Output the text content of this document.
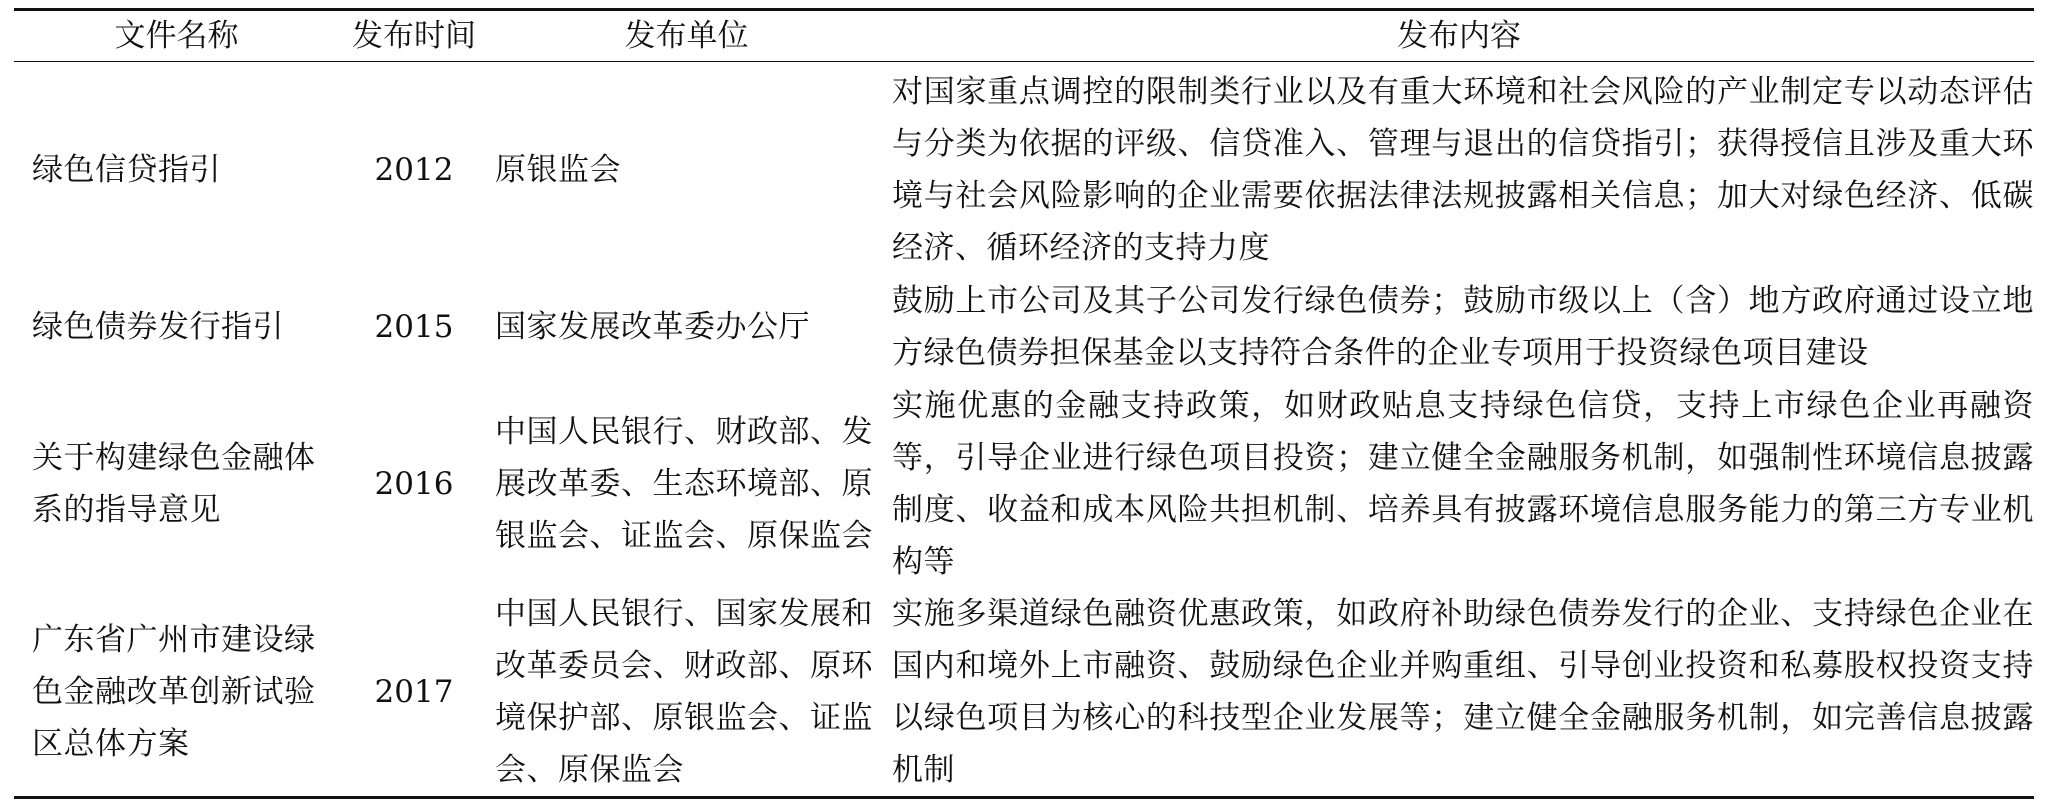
文件名称	发布时间	发布单位	发布内容
绿色信贷指引	2012	原银监会	对国家重点调控的限制类行业以及有重大环境和社会风险的产业制定专以动态评估与分类为依据的评级、信贷准入、管理与退出的信贷指引；获得授信且涉及重大环境与社会风险影响的企业需要依据法律法规披露相关信息；加大对绿色经济、低碳经济、循环经济的支持力度
绿色债券发行指引	2015	国家发展改革委办公厅	鼓励上市公司及其子公司发行绿色债券；鼓励市级以上（含）地方政府通过设立地方绿色债券担保基金以支持符合条件的企业专项用于投资绿色项目建设
关于构建绿色金融体系的指导意见	2016	中国人民银行、财政部、发展改革委、生态环境部、原银监会、证监会、原保监会	实施优惠的金融支持政策，如财政贴息支持绿色信贷，支持上市绿色企业再融资等，引导企业进行绿色项目投资；建立健全金融服务机制，如强制性环境信息披露制度、收益和成本风险共担机制、培养具有披露环境信息服务能力的第三方专业机构等
广东省广州市建设绿色金融改革创新试验区总体方案	2017	中国人民银行、国家发展和改革委员会、财政部、原环境保护部、原银监会、证监会、原保监会	实施多渠道绿色融资优惠政策，如政府补助绿色债券发行的企业、支持绿色企业在国内和境外上市融资、鼓励绿色企业并购重组、引导创业投资和私募股权投资支持以绿色项目为核心的科技型企业发展等；建立健全金融服务机制，如完善信息披露机制
